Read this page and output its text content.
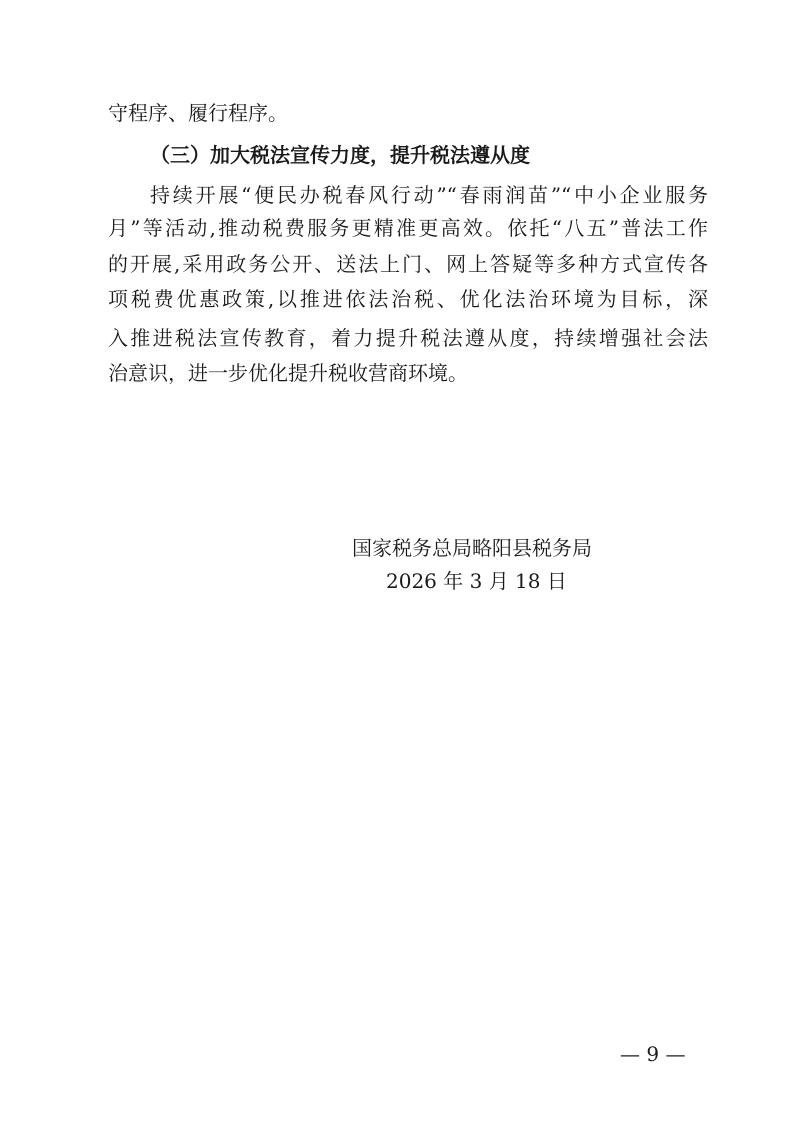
守程序、履行程序。
（三）加大税法宣传力度，提升税法遵从度
持续开展“便民办税春风行动”“春雨润苗”“中小企业服务
月”等活动,推动税费服务更精准更高效。依托“八五”普法工作
的开展,采用政务公开、送法上门、网上答疑等多种方式宣传各
项税费优惠政策,以推进依法治税、优化法治环境为目标，深
入推进税法宣传教育，着力提升税法遵从度，持续增强社会法
治意识，进一步优化提升税收营商环境。
国家税务总局略阳县税务局
2026 年 3 月 18 日
— 9 —
